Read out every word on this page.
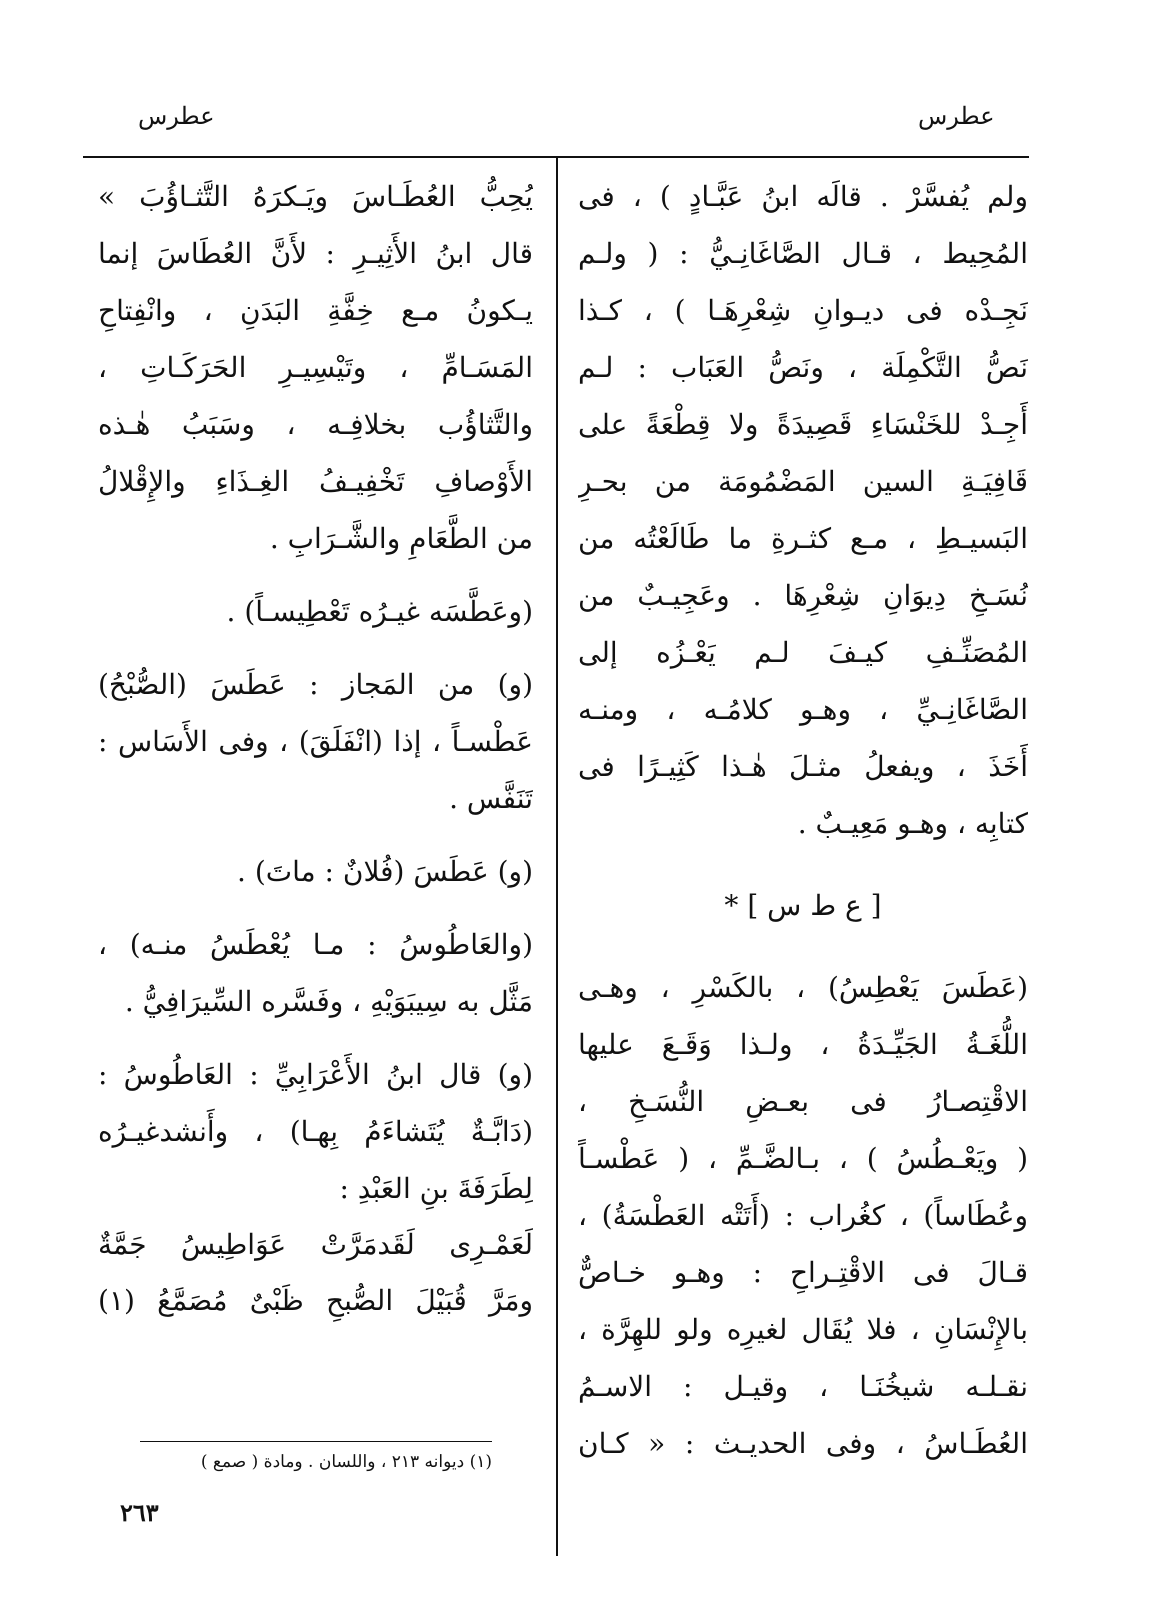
عطرس
عطرس
ولم يُفسَّرْ . قالَه ابنُ عَبَّـادٍ ) ، فى
المُحِيط ، قـال الصَّاغَانِـيُّ : ( ولـم
نَجِـدْه فى ديـوانِ شِعْرِهَـا ) ، كـذا
نَصُّ التَّكْمِلَة ، ونَصُّ العَبَاب : لـم
أَجِـدْ للخَنْسَاءِ قَصِيدَةً ولا قِطْعَةً على
قَافِيَـةِ السين المَضْمُومَة من بحـرِ
البَسيـطِ ، مـع كثـرةِ ما طَالَعْتُه من
نُسَـخِ دِيوَانِ شِعْرِهَا . وعَجِيـبٌ من
المُصَنِّـفِ كيـفَ لـم يَعْـزُه إلى
الصَّاغَانِـيِّ ، وهـو كلامُـه ، ومنـه
أَخَذَ ، ويفعلُ مثـلَ هٰـذا كَثِيـرًا فى
كتابِه ، وهـو مَعِيـبٌ .
[ ع ط س ] *
(عَطَسَ يَعْطِسُ) ، بالكَسْرِ ، وهـى
اللُّغَـةُ الجَيِّـدَةُ ، ولـذا وَقَـعَ عليها
الاقْتِصـارُ فى بعـضِ النُّسَـخِ ،
( ويَعْـطُسُ ) ، بـالضَّـمِّ ، ( عَطْسـاً
وعُطَاساً) ، كغُراب : (أَتَتْه العَطْسَةُ) ،
قـالَ فى الاقْتِـراحِ : وهـو خـاصٌّ
بالإِنْسَانِ ، فلا يُقَال لغيرِه ولو للهِرَّة ،
نقـلـه شيخُنَـا ، وقيـل : الاسـمُ
العُطَـاسُ ، وفى الحديـث : « كـان
يُحِبُّ العُطَـاسَ ويَـكرَهُ التَّثـاؤُبَ »
قال ابنُ الأَثِيـرِ : لأَنَّ العُطَاسَ إنما
يـكونُ مـع خِفَّةِ البَدَنِ ، وانْفِتاحِ
المَسَـامِّ ، وتَيْسِيـرِ الحَرَكَـاتِ ،
والتَّثاؤُب بخلافِـه ، وسَبَبُ هٰـذه
الأَوْصافِ تَخْفِيـفُ الغِـذَاءِ والإِقْلالُ
من الطَّعَامِ والشَّـرَابِ .
(وعَطَّسَه غيـرُه تَعْطِيسـاً) .
(و) من المَجاز : عَطَسَ (الصُّبْحُ)
عَطْسـاً ، إذا (انْفَلَقَ) ، وفى الأَسَاس :
تَنَفَّس .
(و) عَطَسَ (فُلانٌ : ماتَ) .
(والعَاطُوسُ : مـا يُعْطَسُ منـه) ،
مَثَّل به سِيبَوَيْهِ ، وفَسَّره السِّيرَافِيُّ .
(و) قال ابنُ الأَعْرَابِيِّ : العَاطُوسُ :
(دَابَّـةٌ يُتَشاءَمُ بِهـا) ، وأَنشدغيـرُه
لِطَرَفَةَ بنِ العَبْدِ :
لَعَمْـرِى لَقَدمَرَّتْ عَوَاطِيسُ جَمَّةٌ
ومَرَّ قُبَيْلَ الصُّبحِ ظَبْىٌ مُصَمَّعُ (١)
(١) ديوانه ٢١٣ ، واللسان . ومادة ( صمع )
٢٦٣
